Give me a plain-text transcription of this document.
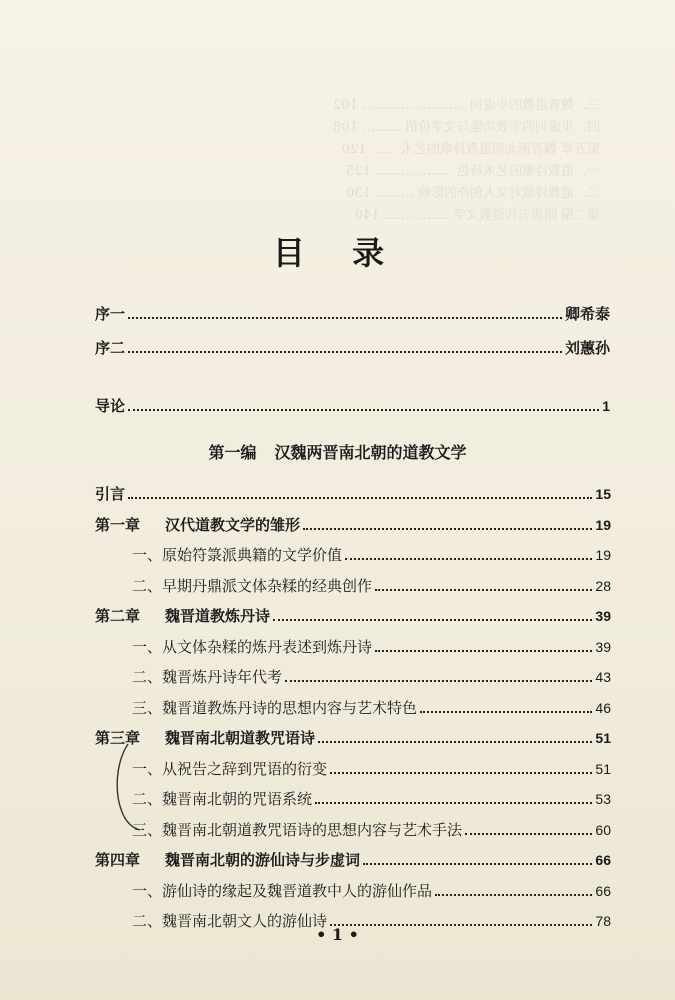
三、魏晋道教的步虚词 …………………… 102
四、步虚词的宗教功能与文学价值 ……… 108
第五章 魏晋南北朝道教诗歌的艺术 …… 120
一、道教诗歌的艺术特色 ……………… 125
二、道教诗歌对文人创作的影响 ……… 130
第二编 隋唐五代道教文学 …………… 140
目 录
序一	卿希泰
序二	刘蕙孙
导论	1
第一编 汉魏两晋南北朝的道教文学
引言	15
第一章 汉代道教文学的雏形	19
一、原始符箓派典籍的文学价值	19
二、早期丹鼎派文体杂糅的经典创作	28
第二章 魏晋道教炼丹诗	39
一、从文体杂糅的炼丹表述到炼丹诗	39
二、魏晋炼丹诗年代考	43
三、魏晋道教炼丹诗的思想内容与艺术特色	46
第三章 魏晋南北朝道教咒语诗	51
一、从祝告之辞到咒语的衍变	51
二、魏晋南北朝的咒语系统	53
三、魏晋南北朝道教咒语诗的思想内容与艺术手法	60
第四章 魏晋南北朝的游仙诗与步虚词	66
一、游仙诗的缘起及魏晋道教中人的游仙作品	66
二、魏晋南北朝文人的游仙诗	78
• 1 •
